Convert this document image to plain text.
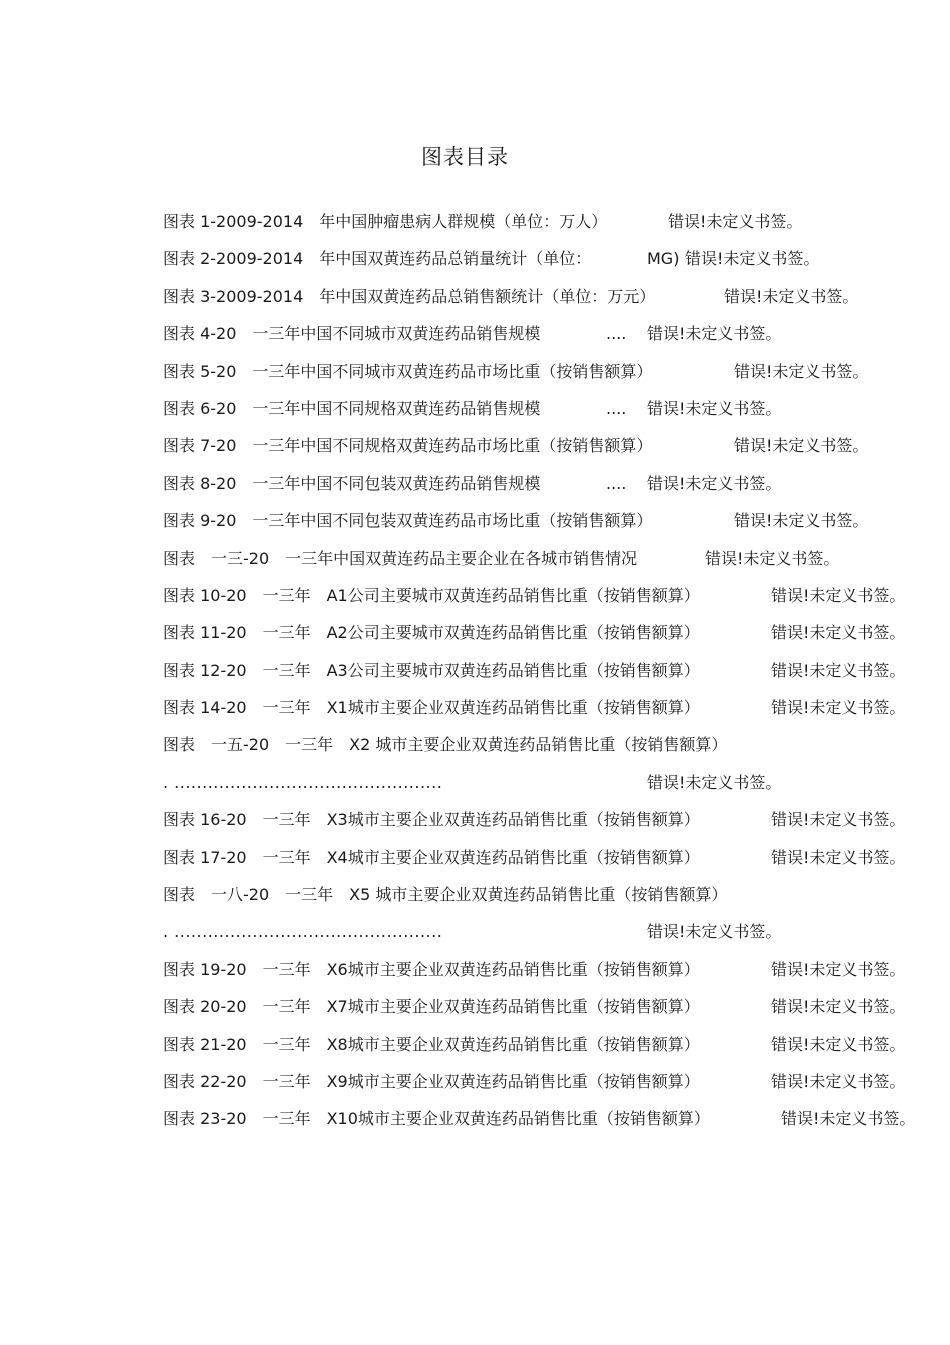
图表目录
图表 1-2009-2014　年中国肿瘤患病人群规模（单位：万人）	错误!未定义书签。
图表 2-2009-2014　年中国双黄连药品总销量统计（单位：	MG) 错误!未定义书签。
图表 3-2009-2014　年中国双黄连药品总销售额统计（单位：万元）	错误!未定义书签。
图表 4-20　一三年中国不同城市双黄连药品销售规模	.... 错误!未定义书签。
图表 5-20　一三年中国不同城市双黄连药品市场比重（按销售额算）	错误!未定义书签。
图表 6-20　一三年中国不同规格双黄连药品销售规模	.... 错误!未定义书签。
图表 7-20　一三年中国不同规格双黄连药品市场比重（按销售额算）	错误!未定义书签。
图表 8-20　一三年中国不同包装双黄连药品销售规模	.... 错误!未定义书签。
图表 9-20　一三年中国不同包装双黄连药品市场比重（按销售额算）	错误!未定义书签。
图表　一三-20　一三年中国双黄连药品主要企业在各城市销售情况	错误!未定义书签。
图表 10-20　一三年　A1公司主要城市双黄连药品销售比重（按销售额算）	错误!未定义书签。
图表 11-20　一三年　A2公司主要城市双黄连药品销售比重（按销售额算）	错误!未定义书签。
图表 12-20　一三年　A3公司主要城市双黄连药品销售比重（按销售额算）	错误!未定义书签。
图表 14-20　一三年　X1城市主要企业双黄连药品销售比重（按销售额算）	错误!未定义书签。
图表　一五-20　一三年　X2 城市主要企业双黄连药品销售比重（按销售额算）
. ................................................	错误!未定义书签。
图表 16-20　一三年　X3城市主要企业双黄连药品销售比重（按销售额算）	错误!未定义书签。
图表 17-20　一三年　X4城市主要企业双黄连药品销售比重（按销售额算）	错误!未定义书签。
图表　一八-20　一三年　X5 城市主要企业双黄连药品销售比重（按销售额算）
. ................................................	错误!未定义书签。
图表 19-20　一三年　X6城市主要企业双黄连药品销售比重（按销售额算）	错误!未定义书签。
图表 20-20　一三年　X7城市主要企业双黄连药品销售比重（按销售额算）	错误!未定义书签。
图表 21-20　一三年　X8城市主要企业双黄连药品销售比重（按销售额算）	错误!未定义书签。
图表 22-20　一三年　X9城市主要企业双黄连药品销售比重（按销售额算）	错误!未定义书签。
图表 23-20　一三年　X10城市主要企业双黄连药品销售比重（按销售额算）	错误!未定义书签。
